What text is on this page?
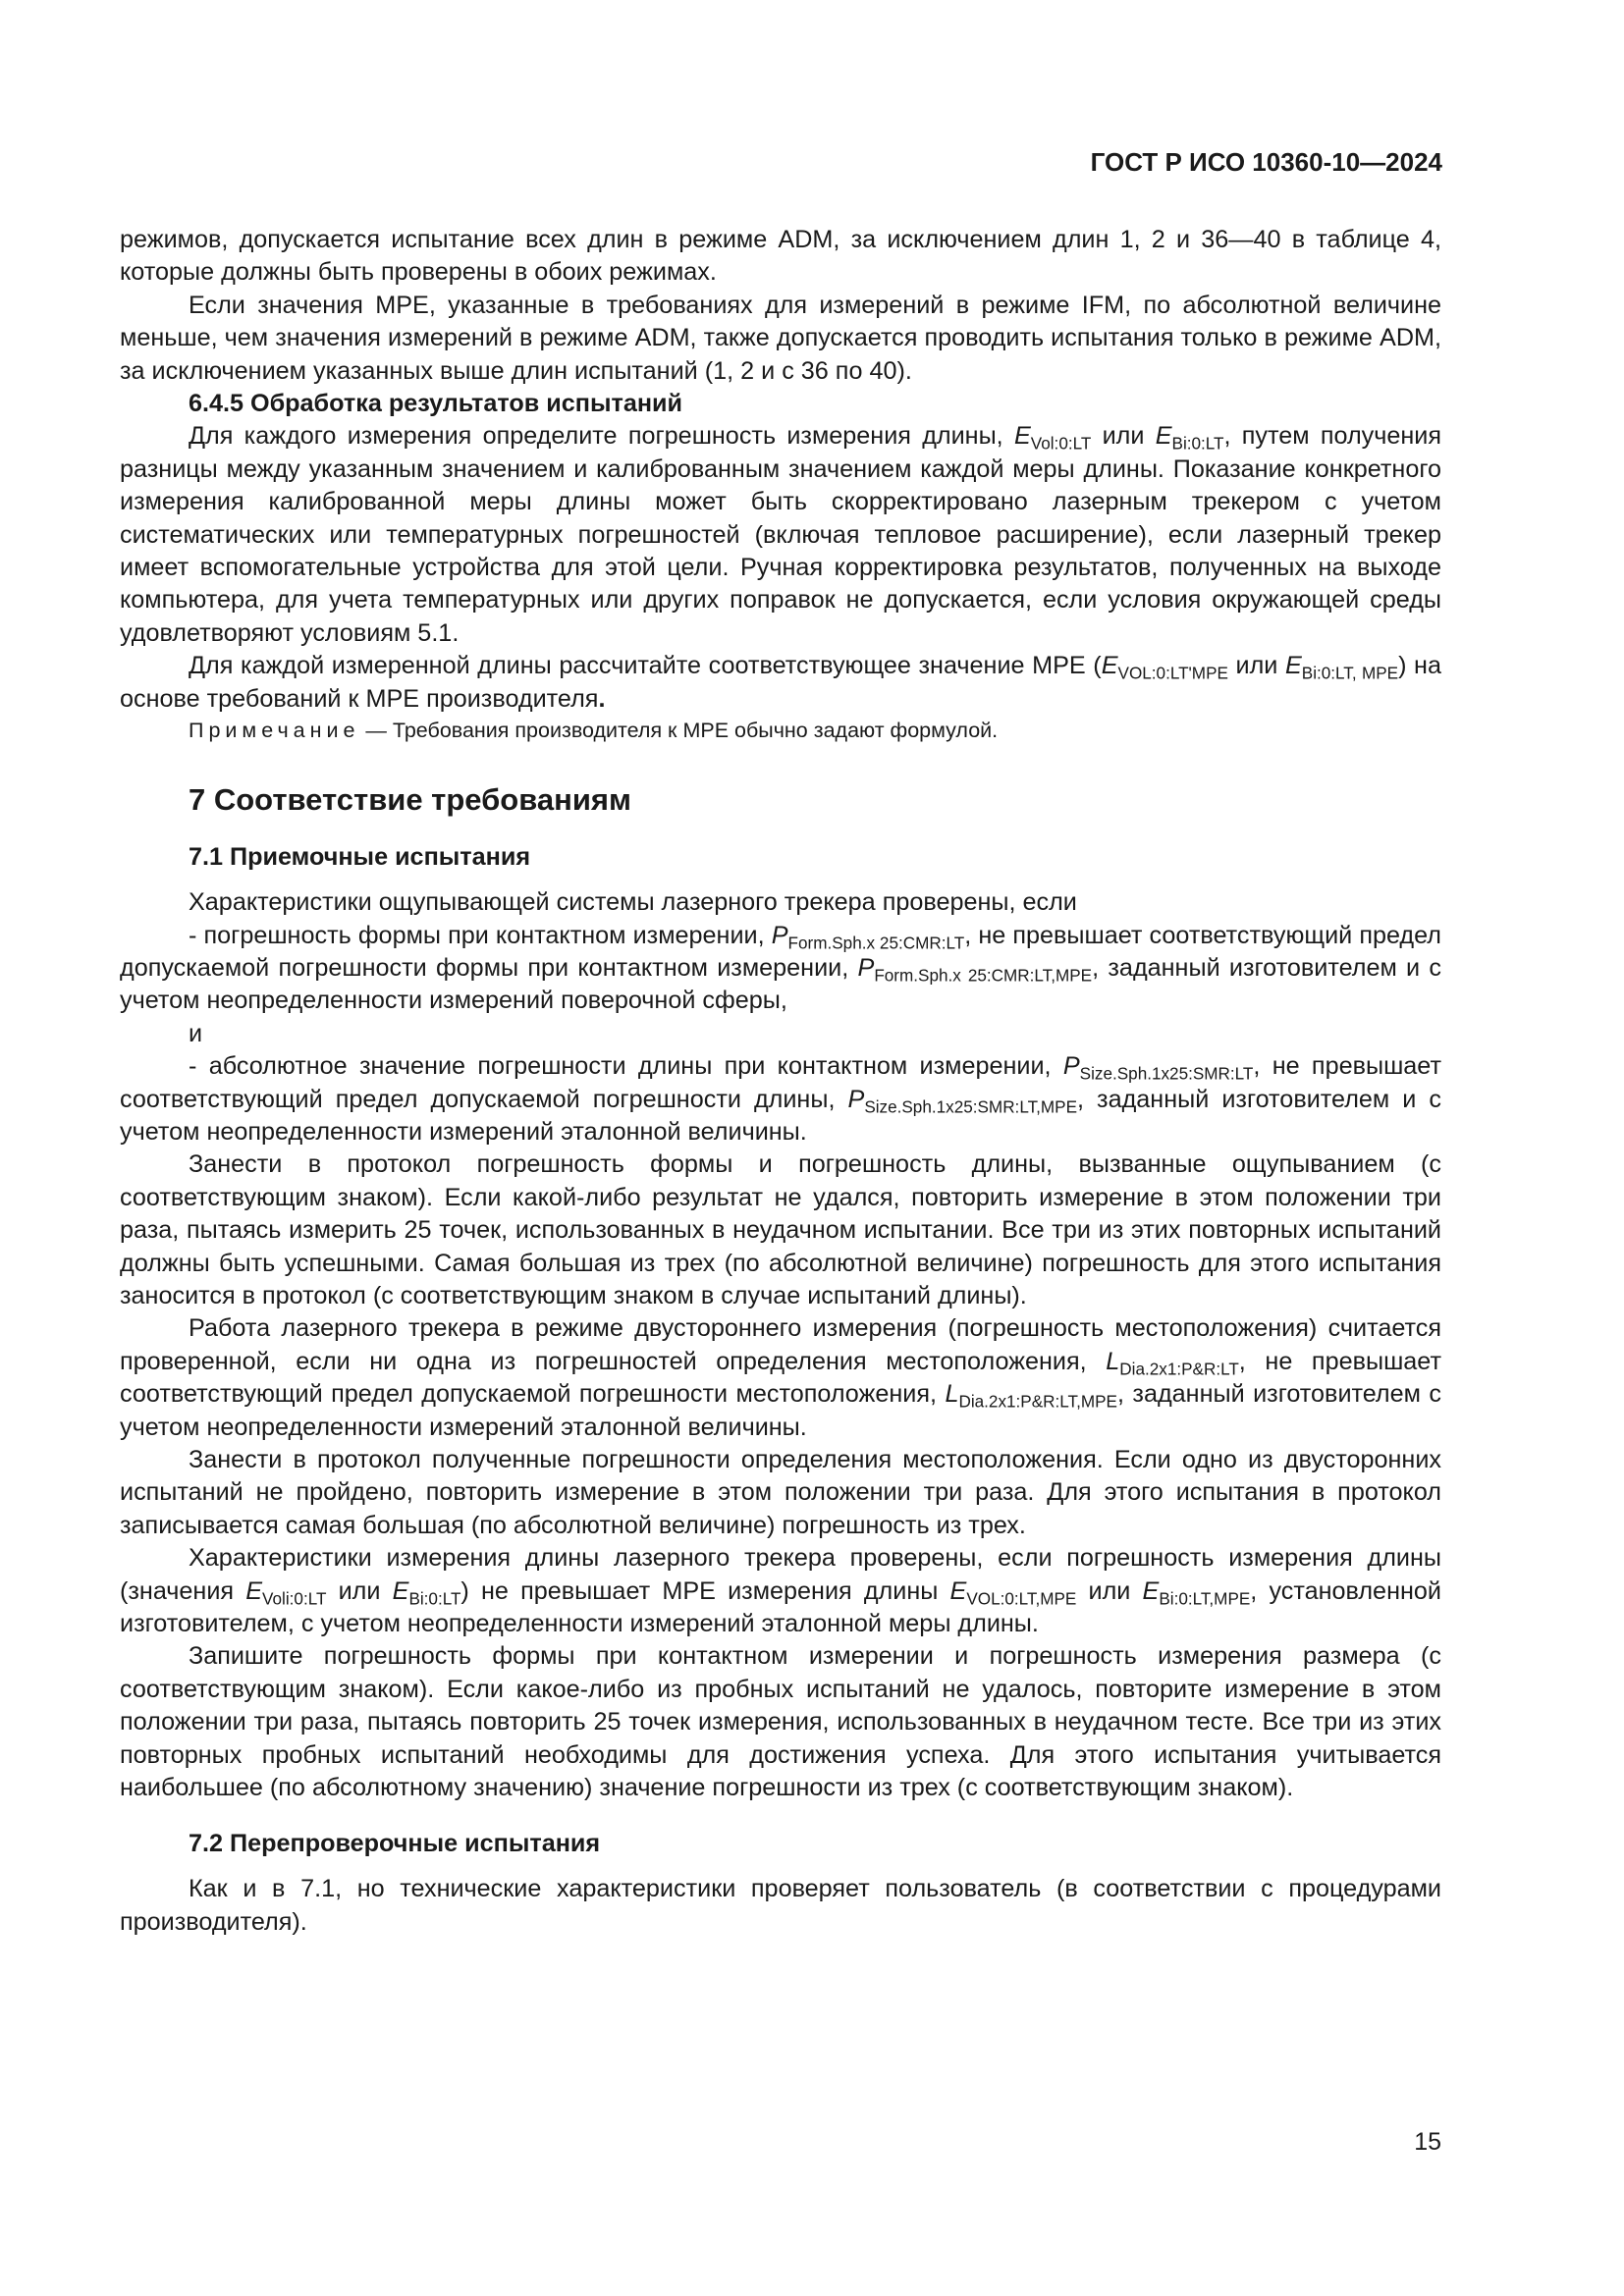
ГОСТ Р ИСО 10360-10—2024

режимов, допускается испытание всех длин в режиме ADM, за исключением длин 1, 2 и 36—40 в таблице 4, которые должны быть проверены в обоих режимах.

Если значения MPE, указанные в требованиях для измерений в режиме IFM, по абсолютной величине меньше, чем значения измерений в режиме ADM, также допускается проводить испытания только в режиме ADM, за исключением указанных выше длин испытаний (1, 2 и с 36 по 40).

6.4.5 Обработка результатов испытаний

Для каждого измерения определите погрешность измерения длины, $E_{Vol:0:LT}$ или $E_{Bi:0:LT}$, путем получения разницы между указанным значением и калиброванным значением каждой меры длины. Показание конкретного измерения калиброванной меры длины может быть скорректировано лазерным трекером с учетом систематических или температурных погрешностей (включая тепловое расширение), если лазерный трекер имеет вспомогательные устройства для этой цели. Ручная корректировка результатов, полученных на выходе компьютера, для учета температурных или других поправок не допускается, если условия окружающей среды удовлетворяют условиям 5.1.

Для каждой измеренной длины рассчитайте соответствующее значение MPE ($E_{VOL:0:LT'MPE}$ или $E_{Bi:0:LT, MPE}$) на основе требований к MPE производителя.

Примечание — Требования производителя к MPE обычно задают формулой.

7 Соответствие требованиям
7.1 Приемочные испытания

Характеристики ощупывающей системы лазерного трекера проверены, если

- погрешность формы при контактном измерении, $P_{Form.Sph.x 25:CMR:LT}$, не превышает соответствующий предел допускаемой погрешности формы при контактном измерении, $P_{Form.Sph.x 25:CMR:LT,MPE}$, заданный изготовителем и с учетом неопределенности измерений поверочной сферы,

и

- абсолютное значение погрешности длины при контактном измерении, $P_{Size.Sph.1x25:SMR:LT}$, не превышает соответствующий предел допускаемой погрешности длины, $P_{Size.Sph.1x25:SMR:LT,MPE}$, заданный изготовителем и с учетом неопределенности измерений эталонной величины.

Занести в протокол погрешность формы и погрешность длины, вызванные ощупыванием (с соответствующим знаком). Если какой-либо результат не удался, повторить измерение в этом положении три раза, пытаясь измерить 25 точек, использованных в неудачном испытании. Все три из этих повторных испытаний должны быть успешными. Самая большая из трех (по абсолютной величине) погрешность для этого испытания заносится в протокол (с соответствующим знаком в случае испытаний длины).

Работа лазерного трекера в режиме двустороннего измерения (погрешность местоположения) считается проверенной, если ни одна из погрешностей определения местоположения, $L_{Dia.2x1:P\&R:LT}$, не превышает соответствующий предел допускаемой погрешности местоположения, $L_{Dia.2x1:P\&R:LT,MPE}$, заданный изготовителем с учетом неопределенности измерений эталонной величины.

Занести в протокол полученные погрешности определения местоположения. Если одно из двусторонних испытаний не пройдено, повторить измерение в этом положении три раза. Для этого испытания в протокол записывается самая большая (по абсолютной величине) погрешность из трех.

Характеристики измерения длины лазерного трекера проверены, если погрешность измерения длины (значения $E_{Voli:0:LT}$ или $E_{Bi:0:LT}$) не превышает MPE измерения длины $E_{VOL:0:LT,MPE}$ или $E_{Bi:0:LT,MPE}$, установленной изготовителем, с учетом неопределенности измерений эталонной меры длины.

Запишите погрешность формы при контактном измерении и погрешность измерения размера (с соответствующим знаком). Если какое-либо из пробных испытаний не удалось, повторите измерение в этом положении три раза, пытаясь повторить 25 точек измерения, использованных в неудачном тесте. Все три из этих повторных пробных испытаний необходимы для достижения успеха. Для этого испытания учитывается наибольшее (по абсолютному значению) значение погрешности из трех (с соответствующим знаком).

7.2 Перепроверочные испытания

Как и в 7.1, но технические характеристики проверяет пользователь (в соответствии с процедурами производителя).

15
